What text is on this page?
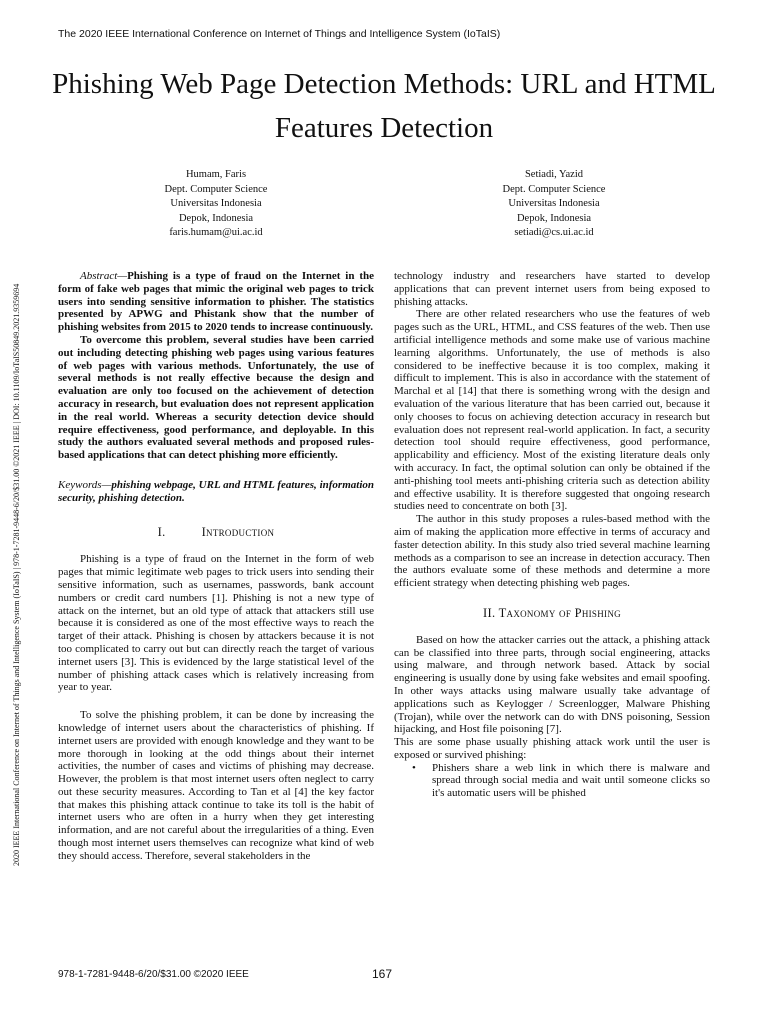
The 2020 IEEE International Conference on Internet of Things and Intelligence System (IoTaIS)
Phishing Web Page Detection Methods: URL and HTML Features Detection
2020 IEEE International Conference on Internet of Things and Intelligence System (IoTaIS) | 978-1-7281-9448-6/20/$31.00 ©2021 IEEE | DOI: 10.1109/IoTaIS50849.2021.9359694
Humam, Faris
Dept. Computer Science
Universitas Indonesia
Depok, Indonesia
faris.humam@ui.ac.id
Setiadi, Yazid
Dept. Computer Science
Universitas Indonesia
Depok, Indonesia
setiadi@cs.ui.ac.id

Abstract—Phishing is a type of fraud on the Internet in the form of fake web pages that mimic the original web pages to trick users into sending sensitive information to phisher. The statistics presented by APWG and Phistank show that the number of phishing websites from 2015 to 2020 tends to increase continuously.

To overcome this problem, several studies have been carried out including detecting phishing web pages using various features of web pages with various methods. Unfortunately, the use of several methods is not really effective because the design and evaluation are only too focused on the achievement of detection accuracy in research, but evaluation does not represent application in the real world. Whereas a security detection device should require effectiveness, good performance, and deployable. In this study the authors evaluated several methods and proposed rules-based applications that can detect phishing more efficiently.

Keywords—phishing webpage, URL and HTML features, information security, phishing detection.

I.	Introduction

Phishing is a type of fraud on the Internet in the form of web pages that mimic legitimate web pages to trick users into sending their sensitive information, such as usernames, passwords, bank account numbers or credit card numbers [1]. Phishing is not a new type of attack on the internet, but an old type of attack that attackers still use because it is considered as one of the most effective ways to reach the target of their attack. Phishing is chosen by attackers because it is not too complicated to carry out but can directly reach the target of various internet users [3]. This is evidenced by the large statistical level of the number of phishing attack cases which is relatively increasing from year to year.

To solve the phishing problem, it can be done by increasing the knowledge of internet users about the characteristics of phishing. If internet users are provided with enough knowledge and they want to be more thorough in looking at the odd things about their internet activities, the number of cases and victims of phishing may decrease. However, the problem is that most internet users often neglect to carry out these security measures. According to Tan et al [4] the key factor that makes this phishing attack continue to take its toll is the habit of internet users who are often in a hurry when they get interesting information, and are not careful about the irregularities of a thing. Even though most internet users themselves can recognize what kind of web they should access. Therefore, several stakeholders in the

technology industry and researchers have started to develop applications that can prevent internet users from being exposed to phishing attacks.

There are other related researchers who use the features of web pages such as the URL, HTML, and CSS features of the web. Then use artificial intelligence methods and some make use of various machine learning algorithms. Unfortunately, the use of methods is also considered to be ineffective because it is too complex, making it difficult to implement. This is also in accordance with the statement of Marchal et al [14] that there is something wrong with the design and evaluation of the various literature that has been carried out, because it only chooses to focus on achieving detection accuracy in research but evaluation does not represent real-world application. In fact, a security detection tool should require effectiveness, good performance, applicability and efficiency. Most of the existing literature deals only with accuracy. In fact, the optimal solution can only be obtained if the anti-phishing tool meets anti-phishing criteria such as detection ability and effective usability. It is therefore suggested that ongoing research studies need to concentrate on both [3].

The author in this study proposes a rules-based method with the aim of making the application more effective in terms of accuracy and faster detection ability. In this study also tried several machine learning methods as a comparison to see an increase in detection accuracy. Then the authors evaluate some of these methods and determine a more efficient strategy when detecting phishing web pages.

II. Taxonomy of Phishing

Based on how the attacker carries out the attack, a phishing attack can be classified into three parts, through social engineering, attacks using malware, and through network based. Attack by social engineering is usually done by using fake websites and email spoofing. In other ways attacks using malware usually take advantage of applications such as Keylogger / Screenlogger, Malware Phishing (Trojan), while over the network can do with DNS poisoning, Session hijacking, and Host file poisoning [7].

This are some phase usually phishing attack work until the user is exposed or survived phishing:

• Phishers share a web link in which there is malware and spread through social media and wait until someone clicks so it's automatic users will be phished
978-1-7281-9448-6/20/$31.00 ©2020 IEEE	167
